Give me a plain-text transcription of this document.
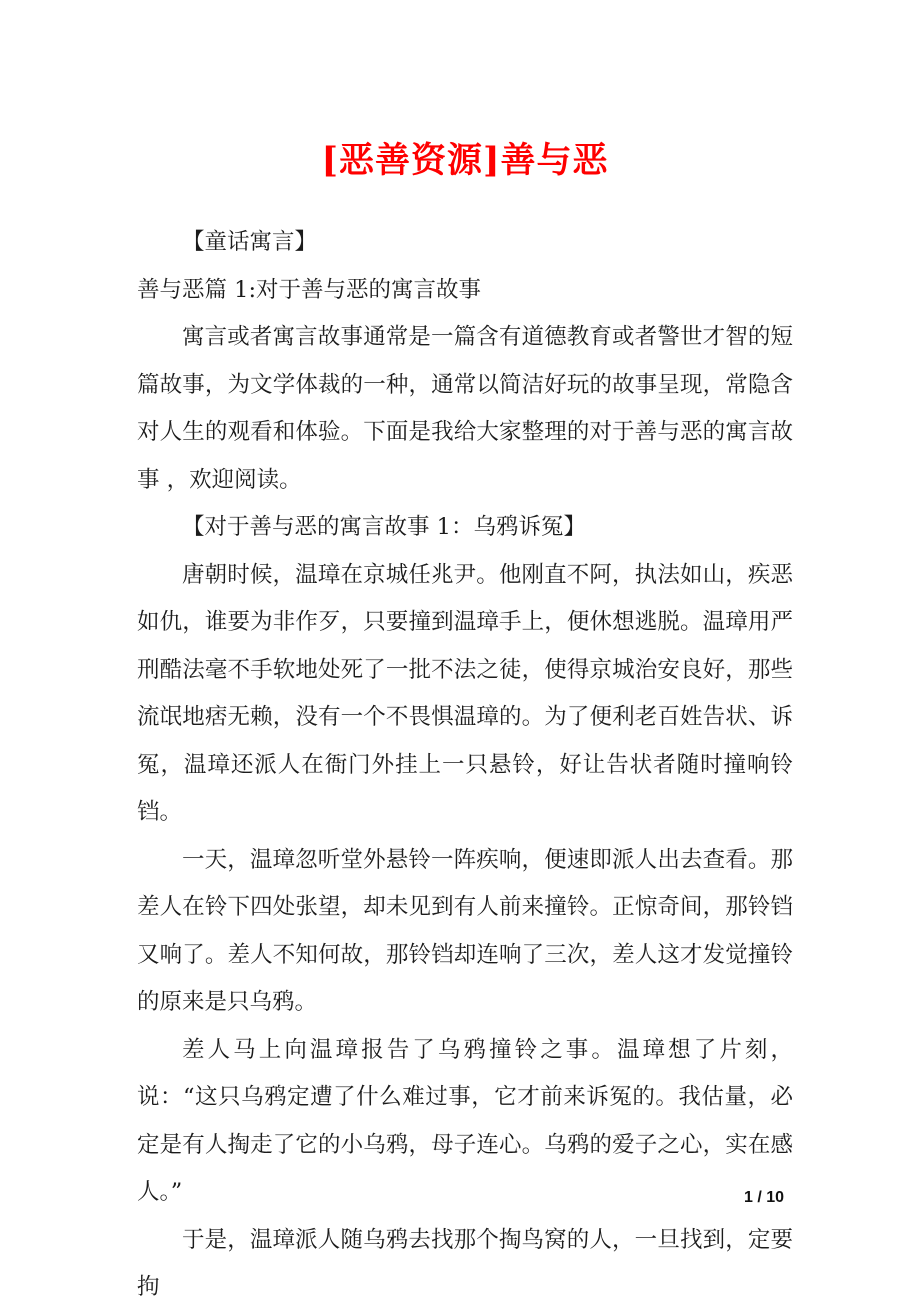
[恶善资源]善与恶

【童话寓言】

善与恶篇 1:对于善与恶的寓言故事

寓言或者寓言故事通常是一篇含有道德教育或者警世才智的短篇故事，为文学体裁的一种，通常以简洁好玩的故事呈现，常隐含对人生的观看和体验。下面是我给大家整理的对于善与恶的寓言故事 ，欢迎阅读。

【对于善与恶的寓言故事 1：乌鸦诉冤】

唐朝时候，温璋在京城任兆尹。他刚直不阿，执法如山，疾恶如仇，谁要为非作歹，只要撞到温璋手上，便休想逃脱。温璋用严刑酷法毫不手软地处死了一批不法之徒，使得京城治安良好，那些流氓地痞无赖，没有一个不畏惧温璋的。为了便利老百姓告状、诉冤，温璋还派人在衙门外挂上一只悬铃，好让告状者随时撞响铃铛。

一天，温璋忽听堂外悬铃一阵疾响，便速即派人出去查看。那差人在铃下四处张望，却未见到有人前来撞铃。正惊奇间，那铃铛又响了。差人不知何故，那铃铛却连响了三次，差人这才发觉撞铃的原来是只乌鸦。

差人马上向温璋报告了乌鸦撞铃之事。温璋想了片刻，说：“这只乌鸦定遭了什么难过事，它才前来诉冤的。我估量，必定是有人掏走了它的小乌鸦，母子连心。乌鸦的爱子之心，实在感人。”

于是，温璋派人随乌鸦去找那个掏鸟窝的人，一旦找到，定要拘

1 / 10
